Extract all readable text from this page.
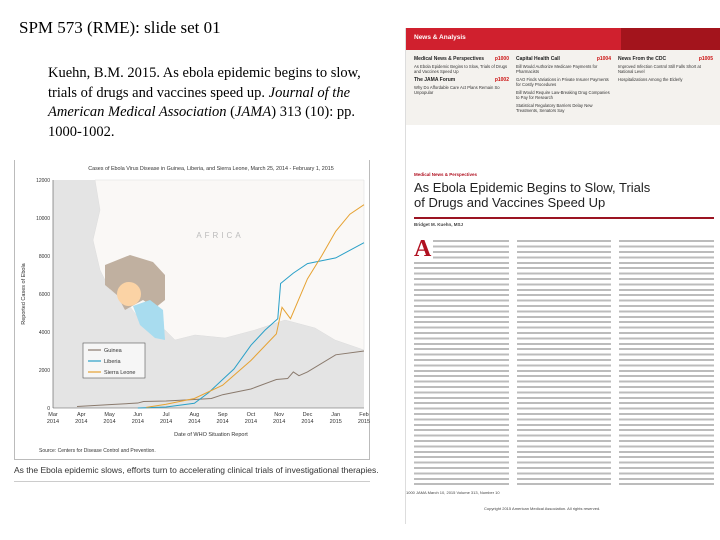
SPM 573 (RME): slide set 01
Kuehn, B.M. 2015. As ebola epidemic begins to slow, trials of drugs and vaccines speed up. Journal of the American Medical Association (JAMA) 313 (10): pp. 1000-1002.
Cases of Ebola Virus Disease in Guinea, Liberia, and Sierra Leone, March 25, 2014 - February 1, 2015
AFRICA
0
2000
4000
6000
8000
10000
12000
Mar 2014
Apr 2014
May 2014
Jun 2014
Jul 2014
Aug 2014
Sep 2014
Oct 2014
Nov 2014
Dec 2014
Jan 2015
Feb 2015
Date of WHO Situation Report
Reported Cases of Ebola
Guinea
Liberia
Sierra Leone
Source: Centers for Disease Control and Prevention.
As the Ebola epidemic slows, efforts turn to accelerating clinical trials of investigational therapies.
News & Analysis
Medical News & Perspectives p1000
As Ebola Epidemic Begins to Slow, Trials of Drugs and Vaccines Speed Up
The JAMA Forum	p1002
Why Do Affordable Care Act Plans Remain So Unpopular
Capital Health Call	p1004
Bill Would Authorize Medicare Payments for Pharmacists
GAO Finds Variations in Private Insurer Payments for Costly Procedures
Bill Would Require Law-Breaking Drug Companies to Pay for Research
Statistical Regulatory Barriers Delay New Treatments, Senators Say
News From the CDC	p1005
Improved Infection Control Still Falls Short at National Level
Hospitalizations Among the Elderly
Medical News & Perspectives
As Ebola Epidemic Begins to Slow, Trials of Drugs and Vaccines Speed Up
Bridget M. Kuehn, MSJ
A
1000 JAMA March 10, 2015 Volume 313, Number 10
Copyright 2015 American Medical Association. All rights reserved.
